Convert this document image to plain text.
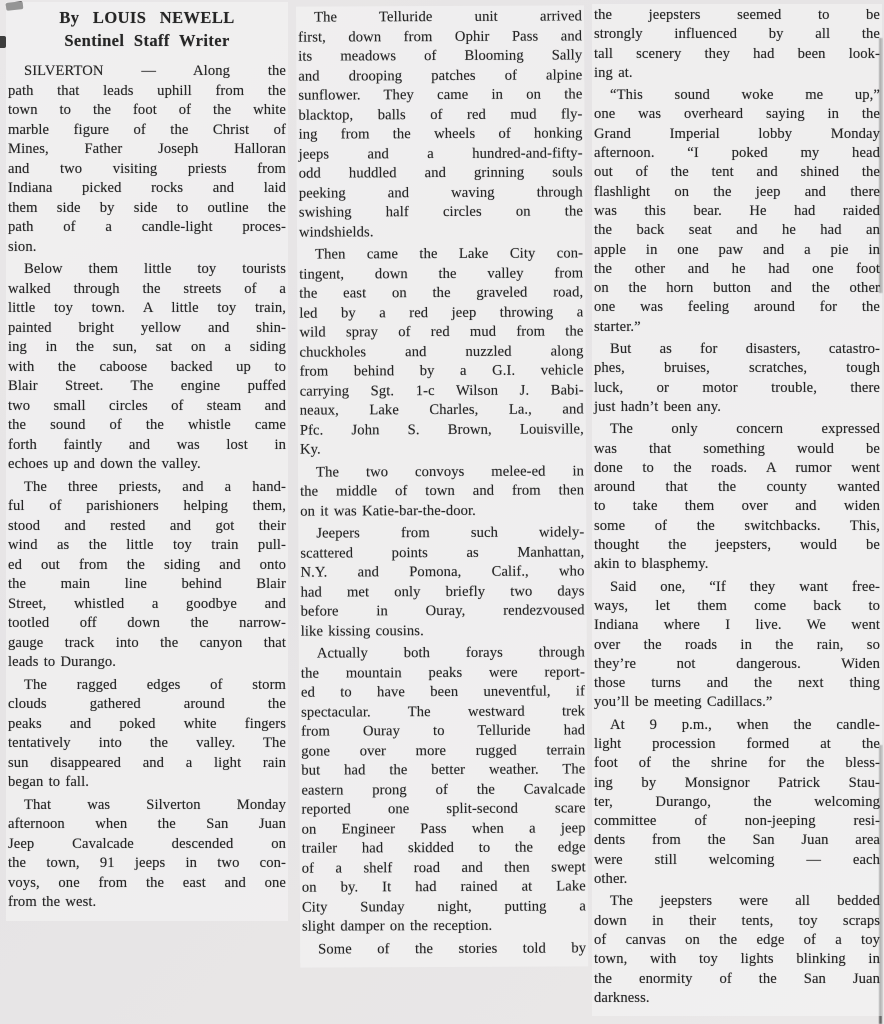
By LOUIS NEWELL
Sentinel Staff Writer
SILVERTON — Along the
path that leads uphill from the
town to the foot of the white
marble figure of the Christ of
Mines, Father Joseph Halloran
and two visiting priests from
Indiana picked rocks and laid
them side by side to outline the
path of a candle-light proces-
sion.
Below them little toy tourists
walked through the streets of a
little toy town. A little toy train,
painted bright yellow and shin-
ing in the sun, sat on a siding
with the caboose backed up to
Blair Street. The engine puffed
two small circles of steam and
the sound of the whistle came
forth faintly and was lost in
echoes up and down the valley.
The three priests, and a hand-
ful of parishioners helping them,
stood and rested and got their
wind as the little toy train pull-
ed out from the siding and onto
the main line behind Blair
Street, whistled a goodbye and
tootled off down the narrow-
gauge track into the canyon that
leads to Durango.
The ragged edges of storm
clouds gathered around the
peaks and poked white fingers
tentatively into the valley. The
sun disappeared and a light rain
began to fall.
That was Silverton Monday
afternoon when the San Juan
Jeep Cavalcade descended on
the town, 91 jeeps in two con-
voys, one from the east and one
from the west.
The Telluride unit arrived
first, down from Ophir Pass and
its meadows of Blooming Sally
and drooping patches of alpine
sunflower. They came in on the
blacktop, balls of red mud fly-
ing from the wheels of honking
jeeps and a hundred-and-fifty-
odd huddled and grinning souls
peeking and waving through
swishing half circles on the
windshields.
Then came the Lake City con-
tingent, down the valley from
the east on the graveled road,
led by a red jeep throwing a
wild spray of red mud from the
chuckholes and nuzzled along
from behind by a G.I. vehicle
carrying Sgt. 1-c Wilson J. Babi-
neaux, Lake Charles, La., and
Pfc. John S. Brown, Louisville,
Ky.
The two convoys melee-ed in
the middle of town and from then
on it was Katie-bar-the-door.
Jeepers from such widely-
scattered points as Manhattan,
N.Y. and Pomona, Calif., who
had met only briefly two days
before in Ouray, rendezvoused
like kissing cousins.
Actually both forays through
the mountain peaks were report-
ed to have been uneventful, if
spectacular. The westward trek
from Ouray to Telluride had
gone over more rugged terrain
but had the better weather. The
eastern prong of the Cavalcade
reported one split-second scare
on Engineer Pass when a jeep
trailer had skidded to the edge
of a shelf road and then swept
on by. It had rained at Lake
City Sunday night, putting a
slight damper on the reception.
Some of the stories told by
the jeepsters seemed to be
strongly influenced by all the
tall scenery they had been look-
ing at.
“This sound woke me up,”
one was overheard saying in the
Grand Imperial lobby Monday
afternoon. “I poked my head
out of the tent and shined the
flashlight on the jeep and there
was this bear. He had raided
the back seat and he had an
apple in one paw and a pie in
the other and he had one foot
on the horn button and the other
one was feeling around for the
starter.”
But as for disasters, catastro-
phes, bruises, scratches, tough
luck, or motor trouble, there
just hadn’t been any.
The only concern expressed
was that something would be
done to the roads. A rumor went
around that the county wanted
to take them over and widen
some of the switchbacks. This,
thought the jeepsters, would be
akin to blasphemy.
Said one, “If they want free-
ways, let them come back to
Indiana where I live. We went
over the roads in the rain, so
they’re not dangerous. Widen
those turns and the next thing
you’ll be meeting Cadillacs.”
At 9 p.m., when the candle-
light procession formed at the
foot of the shrine for the bless-
ing by Monsignor Patrick Stau-
ter, Durango, the welcoming
committee of non-jeeping resi-
dents from the San Juan area
were still welcoming — each
other.
The jeepsters were all bedded
down in their tents, toy scraps
of canvas on the edge of a toy
town, with toy lights blinking in
the enormity of the San Juan
darkness.
